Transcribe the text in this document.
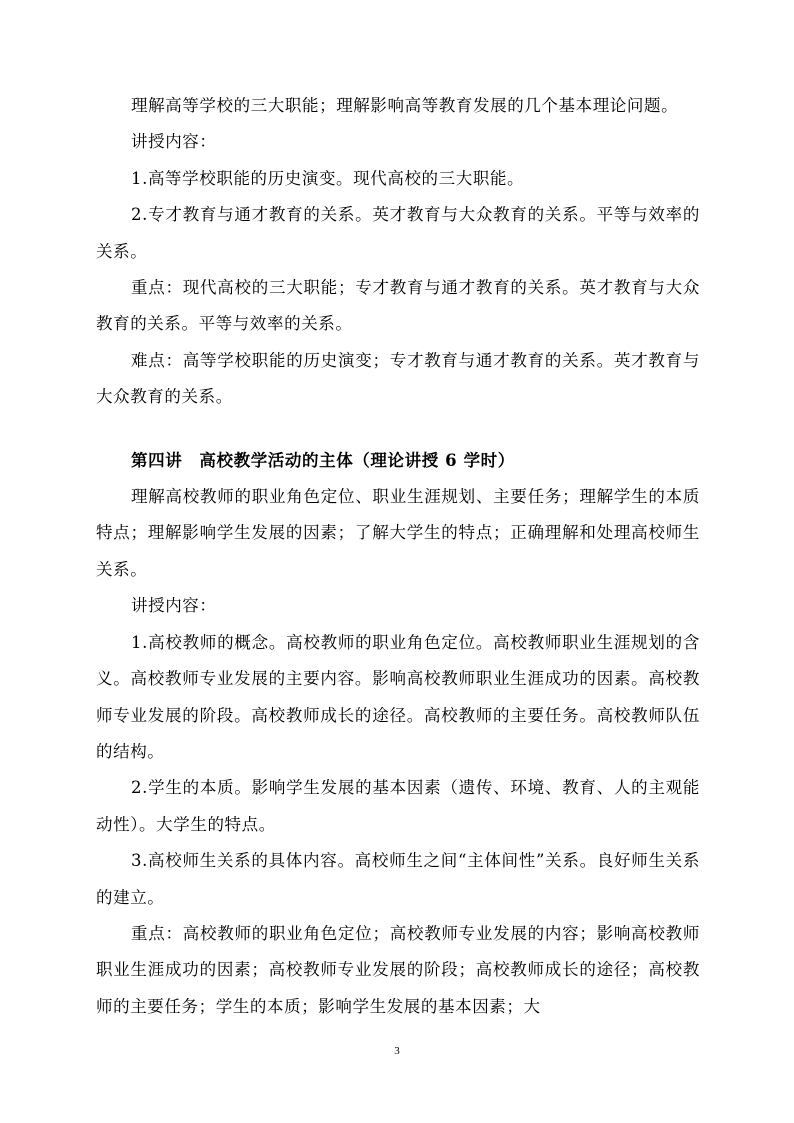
理解高等学校的三大职能；理解影响高等教育发展的几个基本理论问题。

讲授内容：

1.高等学校职能的历史演变。现代高校的三大职能。

2.专才教育与通才教育的关系。英才教育与大众教育的关系。平等与效率的关系。

重点：现代高校的三大职能；专才教育与通才教育的关系。英才教育与大众教育的关系。平等与效率的关系。

难点：高等学校职能的历史演变；专才教育与通才教育的关系。英才教育与大众教育的关系。

第四讲　高校教学活动的主体（理论讲授 6 学时）

理解高校教师的职业角色定位、职业生涯规划、主要任务；理解学生的本质特点；理解影响学生发展的因素；了解大学生的特点；正确理解和处理高校师生关系。

讲授内容：

1.高校教师的概念。高校教师的职业角色定位。高校教师职业生涯规划的含义。高校教师专业发展的主要内容。影响高校教师职业生涯成功的因素。高校教师专业发展的阶段。高校教师成长的途径。高校教师的主要任务。高校教师队伍的结构。

2.学生的本质。影响学生发展的基本因素（遗传、环境、教育、人的主观能动性）。大学生的特点。

3.高校师生关系的具体内容。高校师生之间“主体间性”关系。良好师生关系的建立。

重点：高校教师的职业角色定位；高校教师专业发展的内容；影响高校教师职业生涯成功的因素；高校教师专业发展的阶段；高校教师成长的途径；高校教师的主要任务；学生的本质；影响学生发展的基本因素；大

3
